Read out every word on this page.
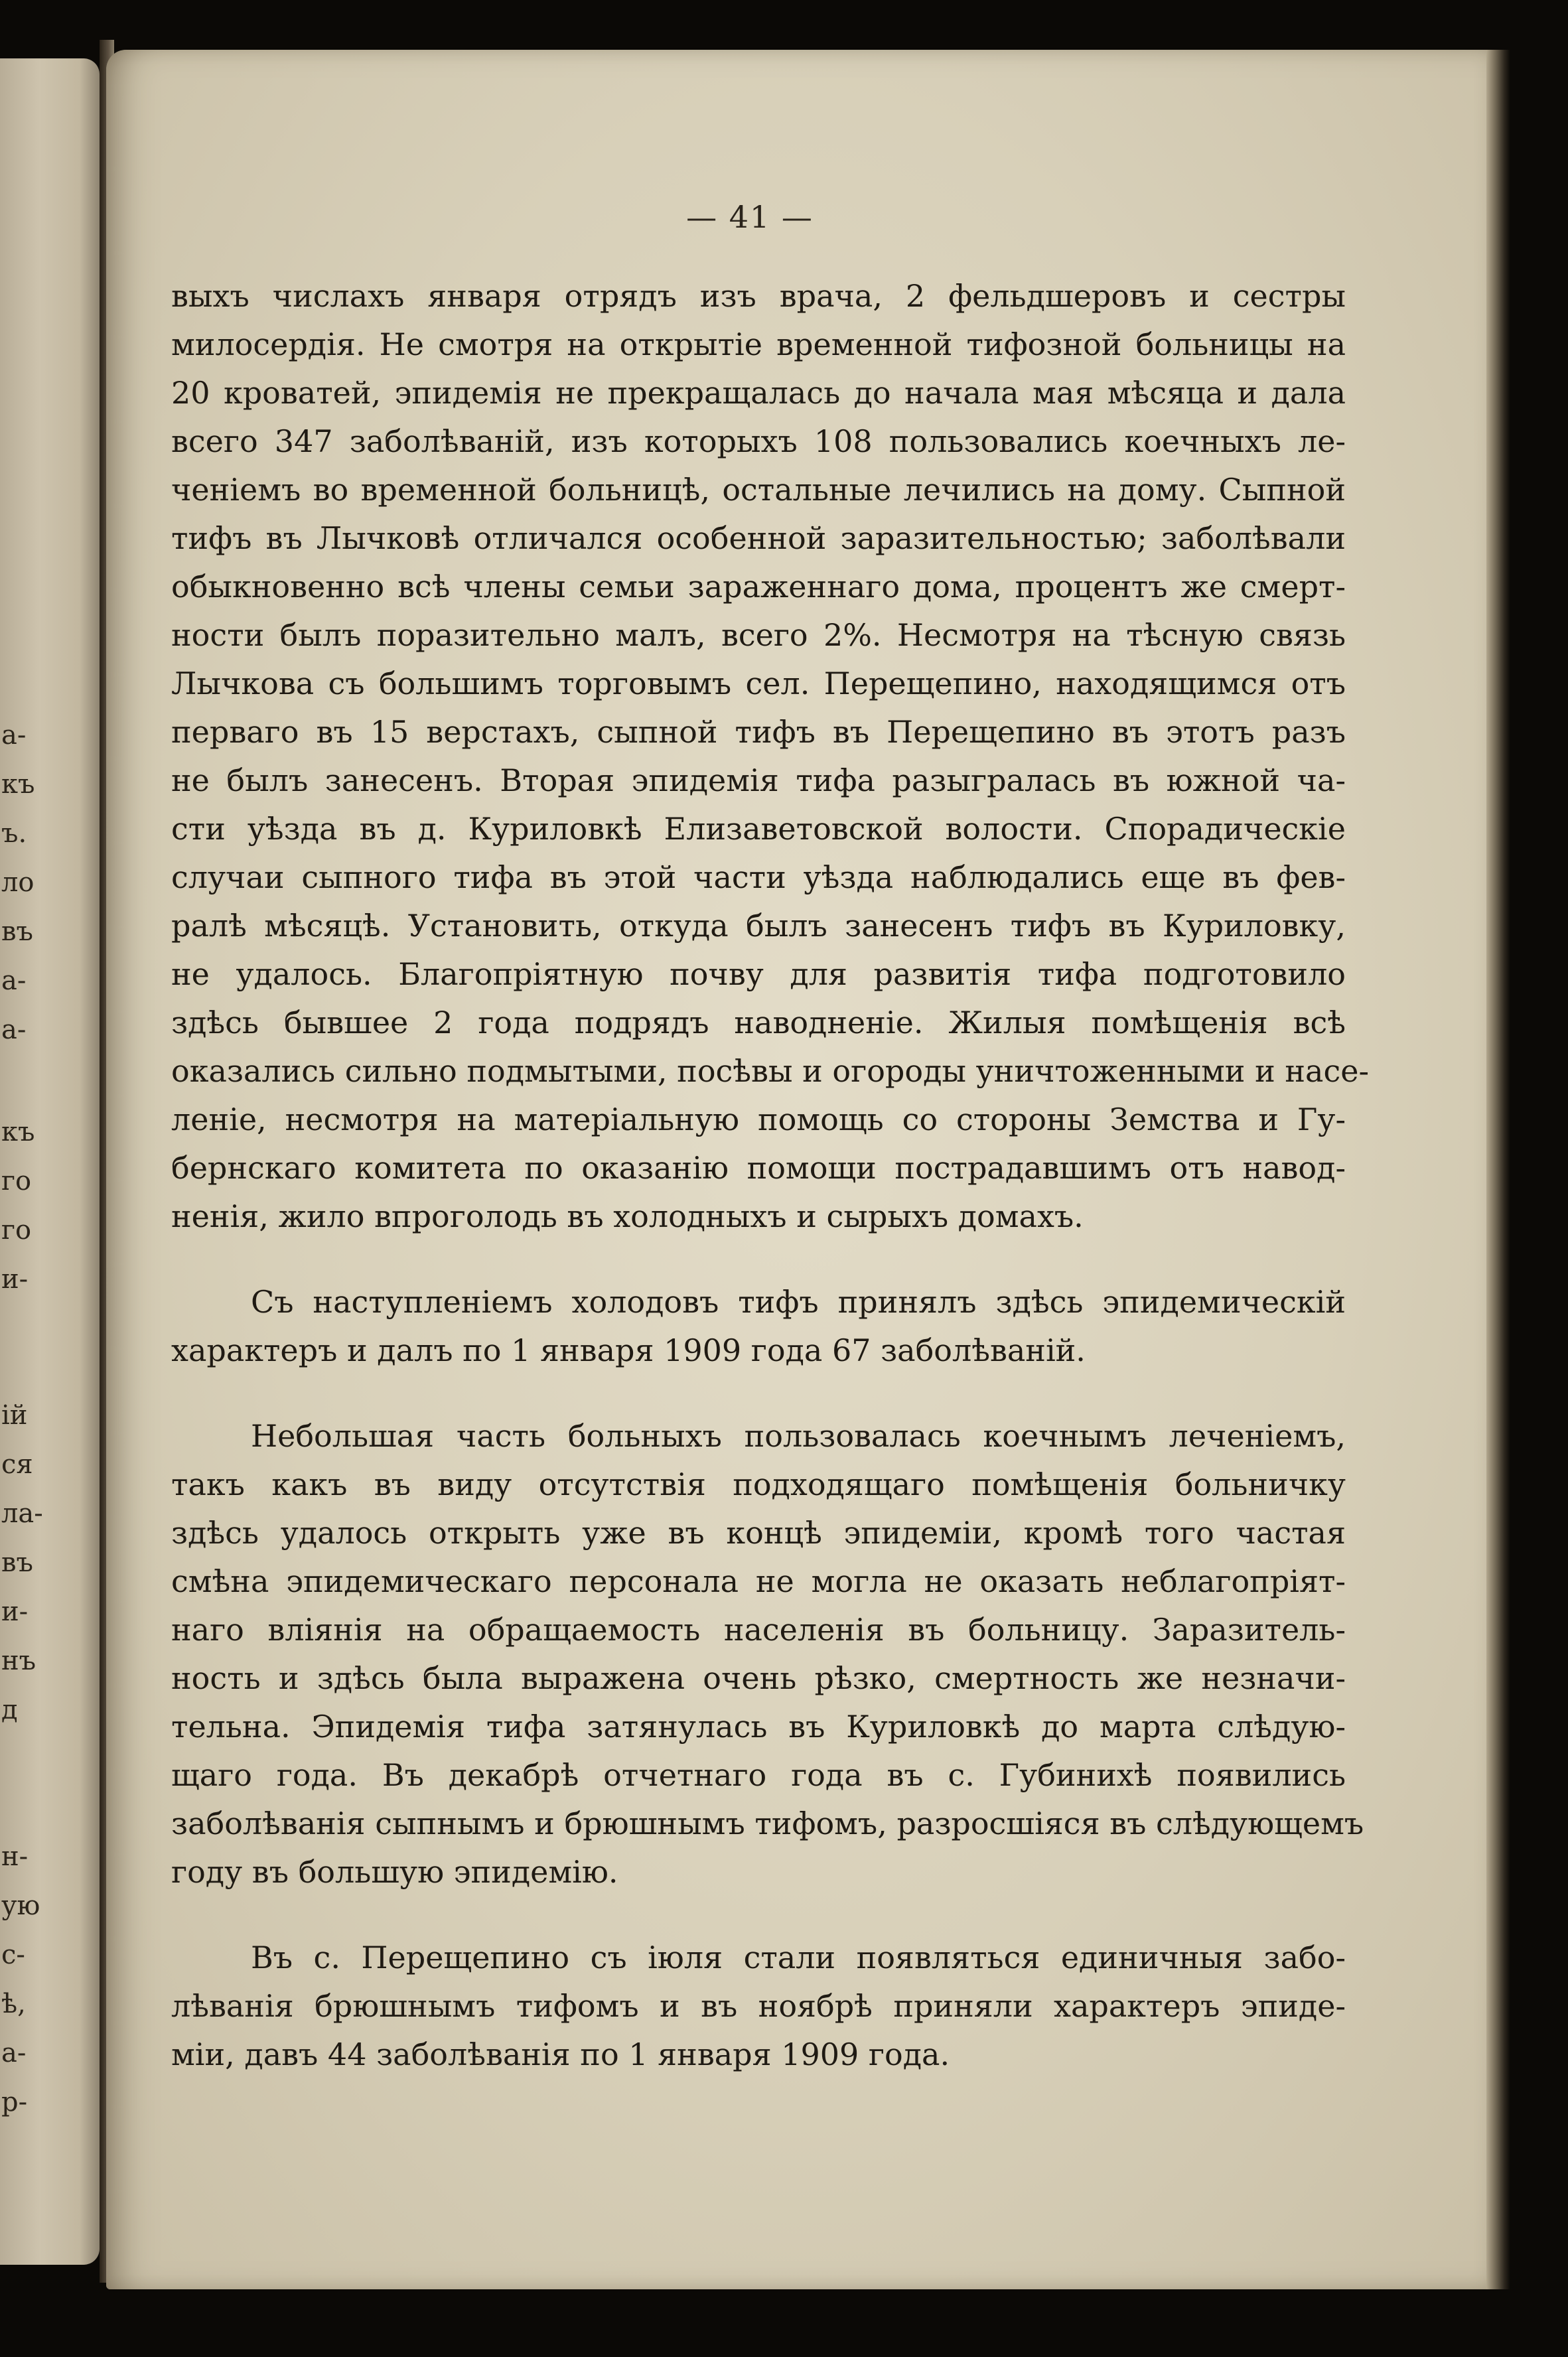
а-
къ
ъ.
ло
въ
а-
а-
къ
го
го
и-
ій
ся
ла-
въ
и-
нъ
д
н-
ую
с-
ѣ,
а-
р-
— 41 —
выхъ числахъ января отрядъ изъ врача, 2 фельдшеровъ и сестры
милосердія. Не смотря на открытіе временной тифозной больницы на
20 кроватей, эпидемія не прекращалась до начала мая мѣсяца и дала
всего 347 заболѣваній, изъ которыхъ 108 пользовались коечныхъ ле-
ченіемъ во временной больницѣ, остальные лечились на дому. Сыпной
тифъ въ Лычковѣ отличался особенной заразительностью; заболѣвали
обыкновенно всѣ члены семьи зараженнаго дома, процентъ же смерт-
ности былъ поразительно малъ, всего 2%. Несмотря на тѣсную связь
Лычкова съ большимъ торговымъ сел. Перещепино, находящимся отъ
перваго въ 15 верстахъ, сыпной тифъ въ Перещепино въ этотъ разъ
не былъ занесенъ. Вторая эпидемія тифа разыгралась въ южной ча-
сти уѣзда въ д. Куриловкѣ Елизаветовской волости. Спорадическіе
случаи сыпного тифа въ этой части уѣзда наблюдались еще въ фев-
ралѣ мѣсяцѣ. Установить, откуда былъ занесенъ тифъ въ Куриловку,
не удалось. Благопріятную почву для развитія тифа подготовило
здѣсь бывшее 2 года подрядъ наводненіе. Жилыя помѣщенія всѣ
оказались сильно подмытыми, посѣвы и огороды уничтоженными и насе-
леніе, несмотря на матеріальную помощь со стороны Земства и Гу-
бернскаго комитета по оказанію помощи пострадавшимъ отъ навод-
ненія, жило впроголодь въ холодныхъ и сырыхъ домахъ.
Съ наступленіемъ холодовъ тифъ принялъ здѣсь эпидемическій
характеръ и далъ по 1 января 1909 года 67 заболѣваній.
Небольшая часть больныхъ пользовалась коечнымъ леченіемъ,
такъ какъ въ виду отсутствія подходящаго помѣщенія больничку
здѣсь удалось открыть уже въ концѣ эпидеміи, кромѣ того частая
смѣна эпидемическаго персонала не могла не оказать неблагопріят-
наго вліянія на обращаемость населенія въ больницу. Заразитель-
ность и здѣсь была выражена очень рѣзко, смертность же незначи-
тельна. Эпидемія тифа затянулась въ Куриловкѣ до марта слѣдую-
щаго года. Въ декабрѣ отчетнаго года въ с. Губинихѣ появились
заболѣванія сыпнымъ и брюшнымъ тифомъ, разросшіяся въ слѣдующемъ
году въ большую эпидемію.
Въ с. Перещепино съ іюля стали появляться единичныя забо-
лѣванія брюшнымъ тифомъ и въ ноябрѣ приняли характеръ эпиде-
міи, давъ 44 заболѣванія по 1 января 1909 года.
